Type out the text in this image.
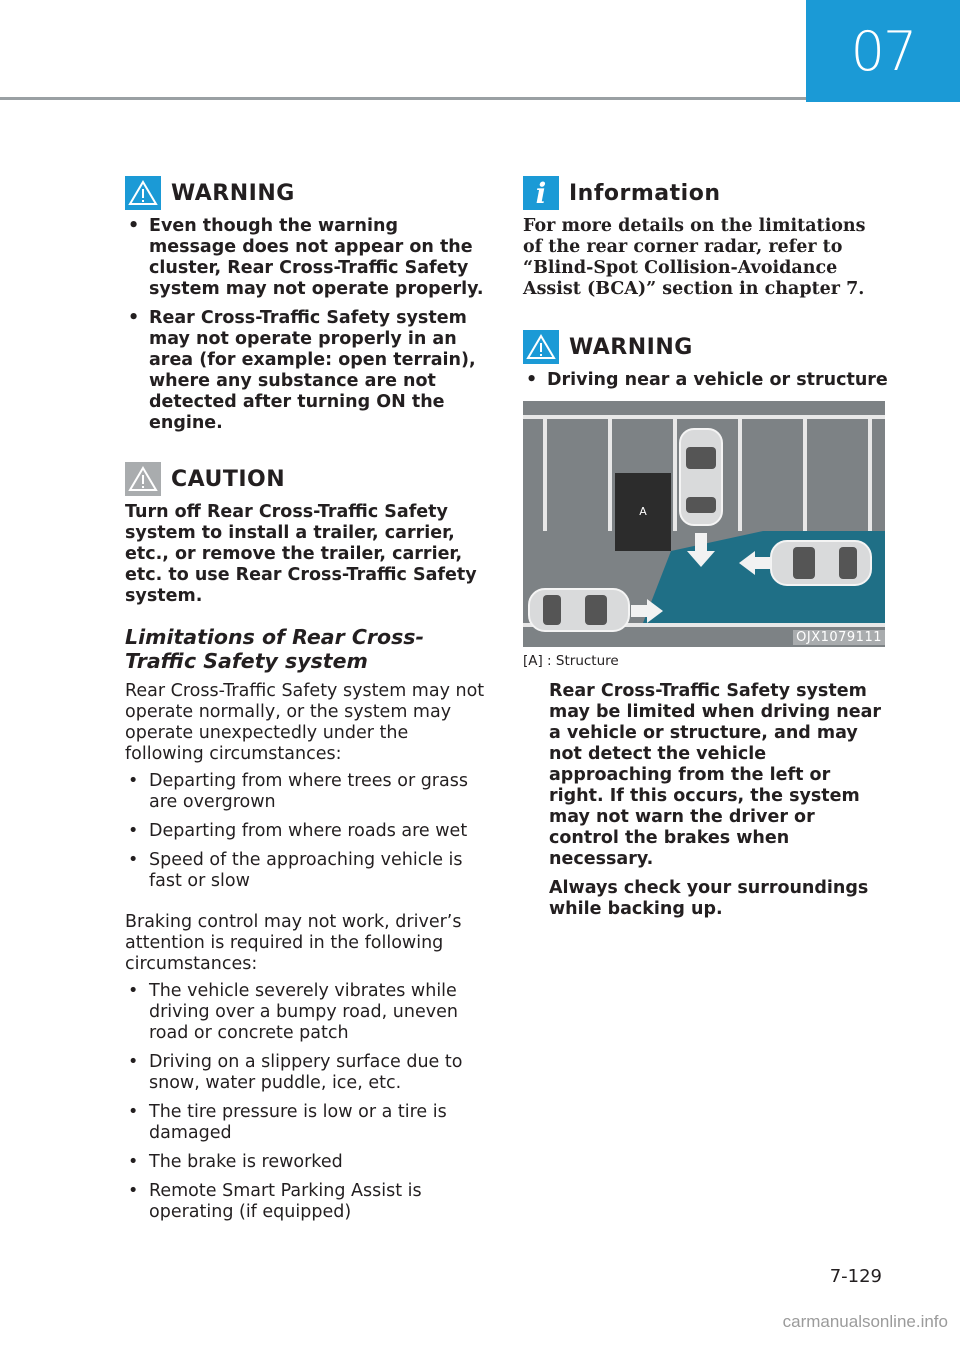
07
WARNING
• Even though the warning message does not appear on the cluster, Rear Cross-Traffic Safety system may not operate properly.
• Rear Cross-Traffic Safety system may not operate properly in an area (for example: open terrain), where any substance are not detected after turning ON the engine.
CAUTION
Turn off Rear Cross-Traffic Safety system to install a trailer, carrier, etc., or remove the trailer, carrier, etc. to use Rear Cross-Traffic Safety system.
Limitations of Rear Cross-Traffic Safety system
Rear Cross-Traffic Safety system may not operate normally, or the system may operate unexpectedly under the following circumstances:
• Departing from where trees or grass are overgrown
• Departing from where roads are wet
• Speed of the approaching vehicle is fast or slow
Braking control may not work, driver’s attention is required in the following circumstances:
• The vehicle severely vibrates while driving over a bumpy road, uneven road or concrete patch
• Driving on a slippery surface due to snow, water puddle, ice, etc.
• The tire pressure is low or a tire is damaged
• The brake is reworked
• Remote Smart Parking Assist is operating (if equipped)
i	Information
For more details on the limitations of the rear corner radar, refer to “Blind-Spot Collision-Avoidance Assist (BCA)” section in chapter 7.
WARNING
• Driving near a vehicle or structure
A
OJX1079111
[A] : Structure
Rear Cross-Traffic Safety system may be limited when driving near a vehicle or structure, and may not detect the vehicle approaching from the left or right. If this occurs, the system may not warn the driver or control the brakes when necessary.
Always check your surroundings while backing up.
7-129
carmanualsonline.info
